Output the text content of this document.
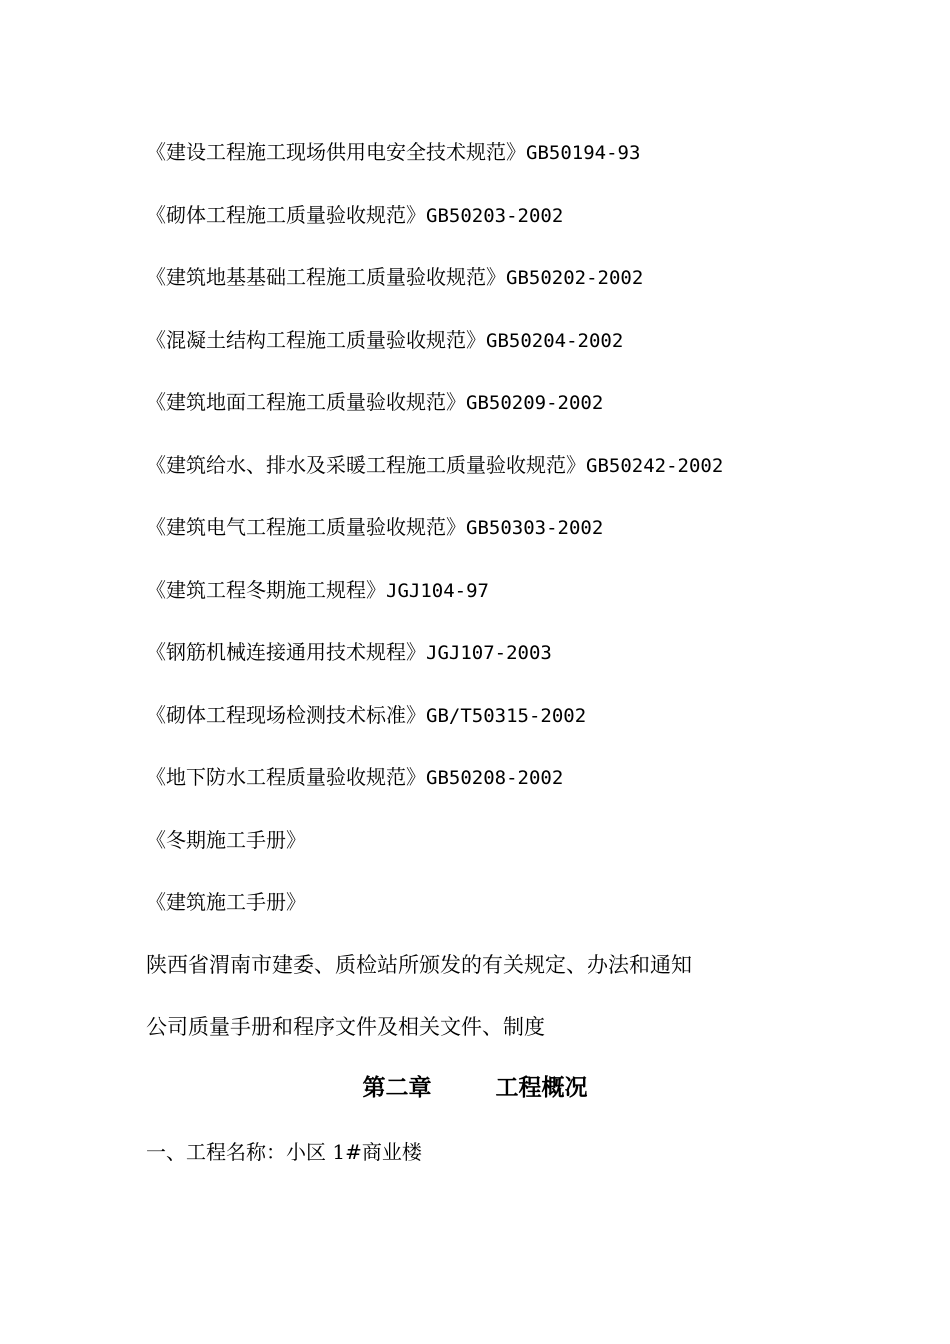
《建设工程施工现场供用电安全技术规范》GB50194-93
《砌体工程施工质量验收规范》GB50203-2002
《建筑地基基础工程施工质量验收规范》GB50202-2002
《混凝土结构工程施工质量验收规范》GB50204-2002
《建筑地面工程施工质量验收规范》GB50209-2002
《建筑给水、排水及采暖工程施工质量验收规范》GB50242-2002
《建筑电气工程施工质量验收规范》GB50303-2002
《建筑工程冬期施工规程》JGJ104-97
《钢筋机械连接通用技术规程》JGJ107-2003
《砌体工程现场检测技术标准》GB/T50315-2002
《地下防水工程质量验收规范》GB50208-2002
《冬期施工手册》
《建筑施工手册》
陕西省渭南市建委、质检站所颁发的有关规定、办法和通知
公司质量手册和程序文件及相关文件、制度
第二章	工程概况
一、工程名称：小区 1#商业楼
